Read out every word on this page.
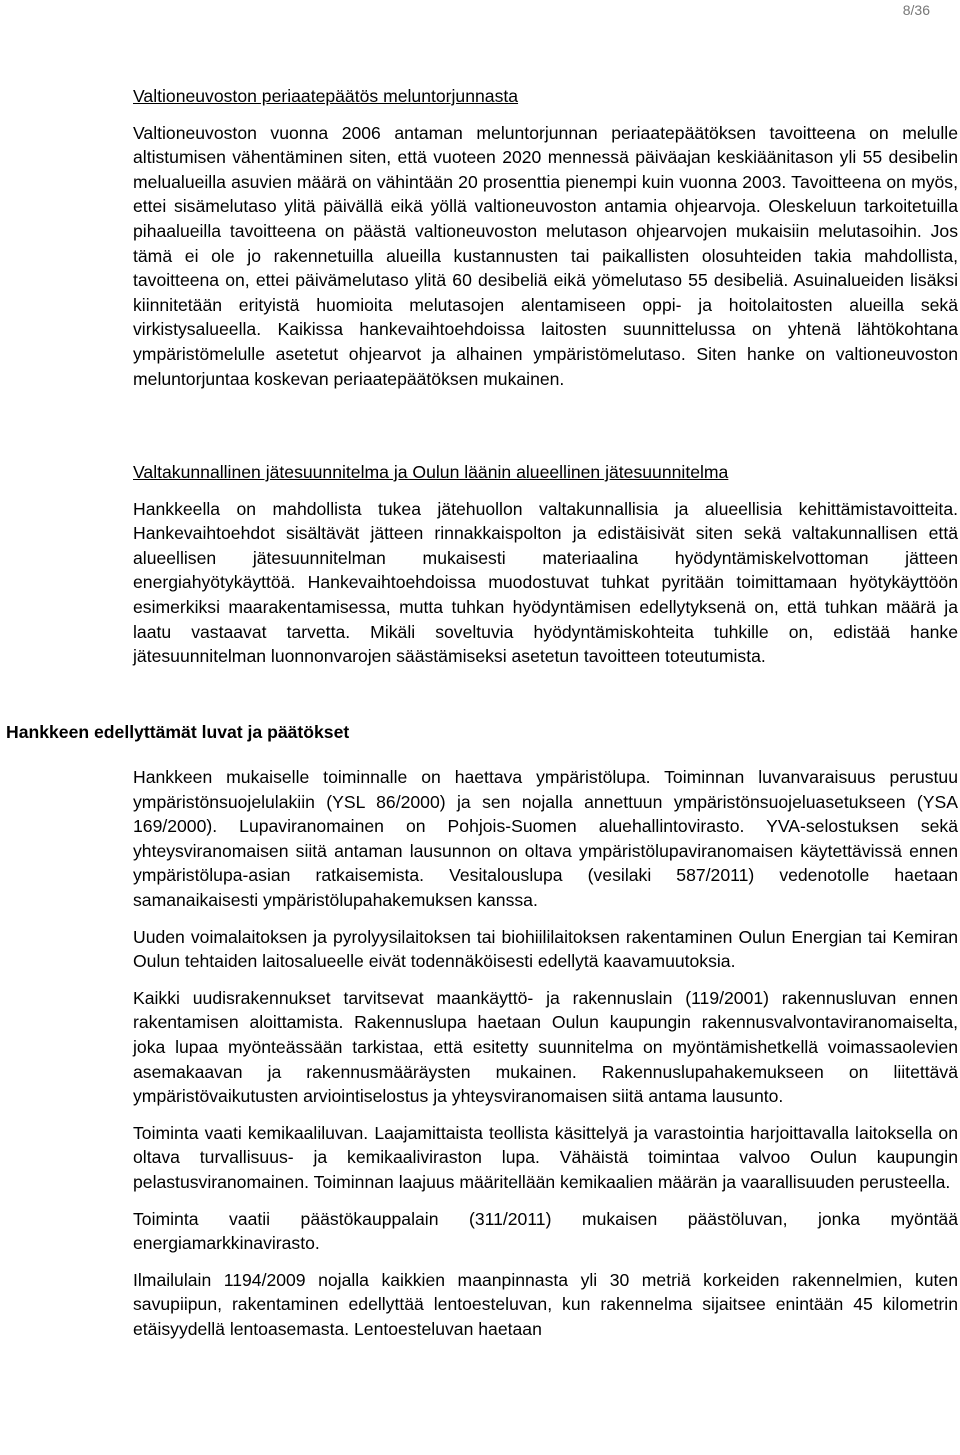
8/36

Valtioneuvoston periaatepäätös meluntorjunnasta

Valtioneuvoston vuonna 2006 antaman meluntorjunnan periaatepäätöksen tavoitteena on melulle altistumisen vähentäminen siten, että vuoteen 2020 mennessä päiväajan keskiäänitason yli 55 desibelin melualueilla asuvien määrä on vähintään 20 prosenttia pienempi kuin vuonna 2003. Tavoitteena on myös, ettei sisämelutaso ylitä päivällä eikä yöllä valtioneuvoston antamia ohjearvoja. Oleskeluun tarkoitetuilla pihaalueilla tavoitteena on päästä valtioneuvoston melutason ohjearvojen mukaisiin melutasoihin. Jos tämä ei ole jo rakennetuilla alueilla kustannusten tai paikallisten olosuhteiden takia mahdollista, tavoitteena on, ettei päivämelutaso ylitä 60 desibeliä eikä yömelutaso 55 desibeliä. Asuinalueiden lisäksi kiinnitetään erityistä huomioita melutasojen alentamiseen oppi- ja hoitolaitosten alueilla sekä virkistysalueella. Kaikissa hankevaihtoehdoissa laitosten suunnittelussa on yhtenä lähtökohtana ympäristömelulle asetetut ohjearvot ja alhainen ympäristömelutaso. Siten hanke on valtioneuvoston meluntorjuntaa koskevan periaatepäätöksen mukainen.

Valtakunnallinen jätesuunnitelma ja Oulun läänin alueellinen jätesuunnitelma

Hankkeella on mahdollista tukea jätehuollon valtakunnallisia ja alueellisia kehittämistavoitteita. Hankevaihtoehdot sisältävät jätteen rinnakkaispolton ja edistäisivät siten sekä valtakunnallisen että alueellisen jätesuunnitelman mukaisesti materiaalina hyödyntämiskelvottoman jätteen energiahyötykäyttöä. Hankevaihtoehdoissa muodostuvat tuhkat pyritään toimittamaan hyötykäyttöön esimerkiksi maarakentamisessa, mutta tuhkan hyödyntämisen edellytyksenä on, että tuhkan määrä ja laatu vastaavat tarvetta. Mikäli soveltuvia hyödyntämiskohteita tuhkille on, edistää hanke jätesuunnitelman luonnonvarojen säästämiseksi asetetun tavoitteen toteutumista.

Hankkeen edellyttämät luvat ja päätökset

Hankkeen mukaiselle toiminnalle on haettava ympäristölupa. Toiminnan luvanvaraisuus perustuu ympäristönsuojelulakiin (YSL 86/2000) ja sen nojalla annettuun ympäristönsuojeluasetukseen (YSA 169/2000). Lupaviranomainen on Pohjois-Suomen aluehallintovirasto. YVA-selostuksen sekä yhteysviranomaisen siitä antaman lausunnon on oltava ympäristölupaviranomaisen käytettävissä ennen ympäristölupa-asian ratkaisemista. Vesitalouslupa (vesilaki 587/2011) vedenotolle haetaan samanaikaisesti ympäristölupahakemuksen kanssa.

Uuden voimalaitoksen ja pyrolyysilaitoksen tai biohiililaitoksen rakentaminen Oulun Energian tai Kemiran Oulun tehtaiden laitosalueelle eivät todennäköisesti edellytä kaavamuutoksia.

Kaikki uudisrakennukset tarvitsevat maankäyttö- ja rakennuslain (119/2001) rakennusluvan ennen rakentamisen aloittamista. Rakennuslupa haetaan Oulun kaupungin rakennusvalvontaviranomaiselta, joka lupaa myönteässään tarkistaa, että esitetty suunnitelma on myöntämishetkellä voimassaolevien asemakaavan ja rakennusmääräysten mukainen. Rakennuslupahakemukseen on liitettävä ympäristövaikutusten arviointiselostus ja yhteysviranomaisen siitä antama lausunto.

Toiminta vaati kemikaaliluvan. Laajamittaista teollista käsittelyä ja varastointia harjoittavalla laitoksella on oltava turvallisuus- ja kemikaaliviraston lupa. Vähäistä toimintaa valvoo Oulun kaupungin pelastusviranomainen. Toiminnan laajuus määritellään kemikaalien määrän ja vaarallisuuden perusteella.

Toiminta vaatii päästökauppalain (311/2011) mukaisen päästöluvan, jonka myöntää energiamarkkinavirasto.

Ilmailulain 1194/2009 nojalla kaikkien maanpinnasta yli 30 metriä korkeiden rakennelmien, kuten savupiipun, rakentaminen edellyttää lentoesteluvan, kun rakennelma sijaitsee enintään 45 kilometrin etäisyydellä lentoasemasta. Lentoesteluvan haetaan
